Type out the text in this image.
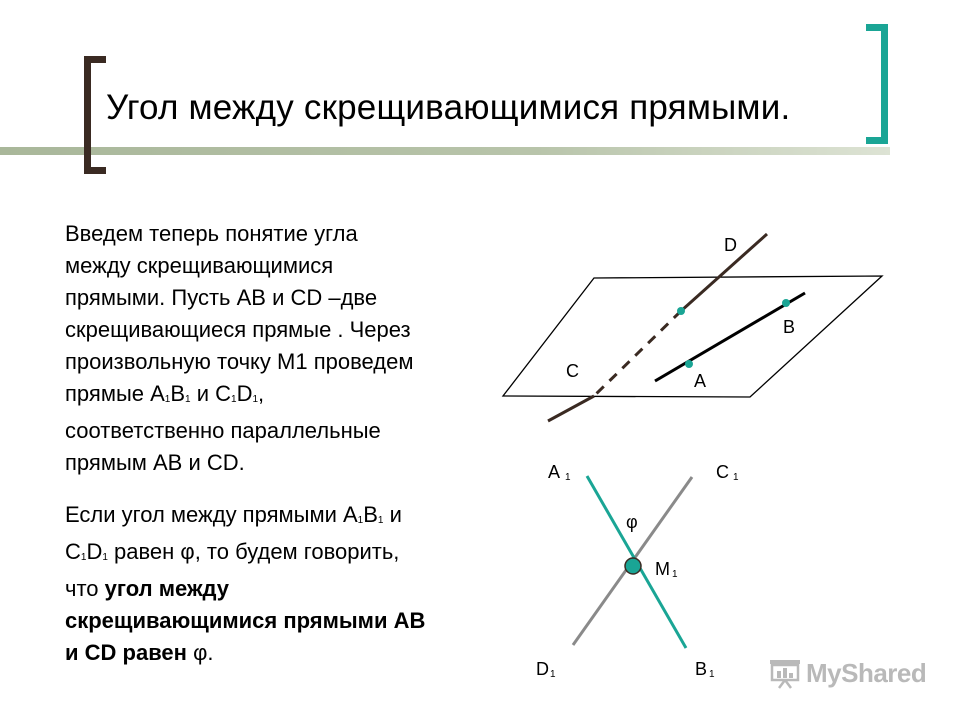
Угол между скрещивающимися прямыми.

Введем теперь понятие угла
между скрещивающимися
прямыми. Пусть АВ и CD –две
скрещивающиеся прямые . Через
произвольную точку М1 проведем
прямые $A_1B_1$ и $C_1D_1$,
соответственно параллельные
прямым АВ и CD.

Если угол между прямыми $A_1B_1$ и
$C_1D_1$ равен φ, то будем говорить,
что угол между
скрещивающимися прямыми АВ
и CD равен φ.

D
C
B
A
A 1	C 1
φ
M 1
D 1	B 1	MyShared
